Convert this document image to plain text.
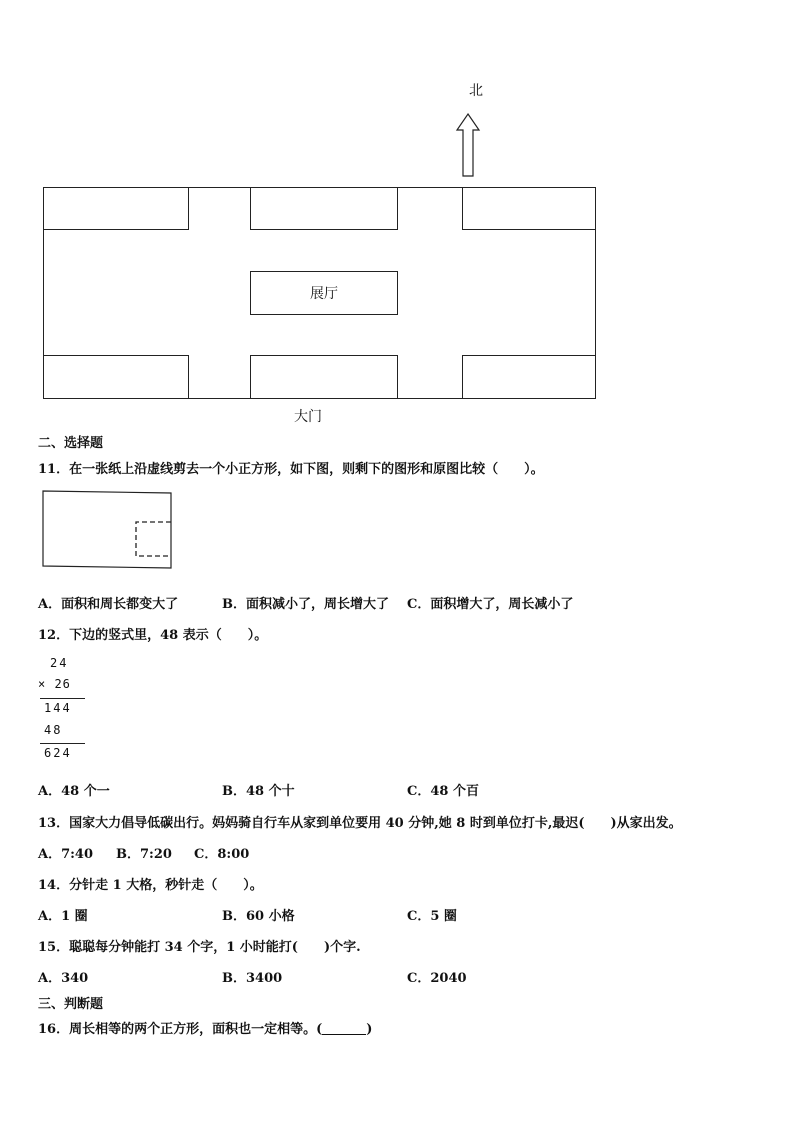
北
展厅
大门
二、选择题
11．在一张纸上沿虚线剪去一个小正方形，如下图，则剩下的图形和原图比较（　　）。
A．面积和周长都变大了	B．面积减小了，周长增大了 C．面积增大了，周长减小了
12．下边的竖式里，48 表示（　　）。
24
× 26
144
48
624
A．48 个一	B．48 个十	C．48 个百
13．国家大力倡导低碳出行。妈妈骑自行车从家到单位要用 40 分钟,她 8 时到单位打卡,最迟(　　)从家出发。
A．7:40 B．7:20 C．8:00
14．分针走 1 大格，秒针走（　　）。
A．1 圈	B．60 小格	C．5 圈
15．聪聪每分钟能打 34 个字，1 小时能打(　　)个字.
A．340	B．3400	C．2040
三、判断题
16．周长相等的两个正方形，面积也一定相等。(	)
